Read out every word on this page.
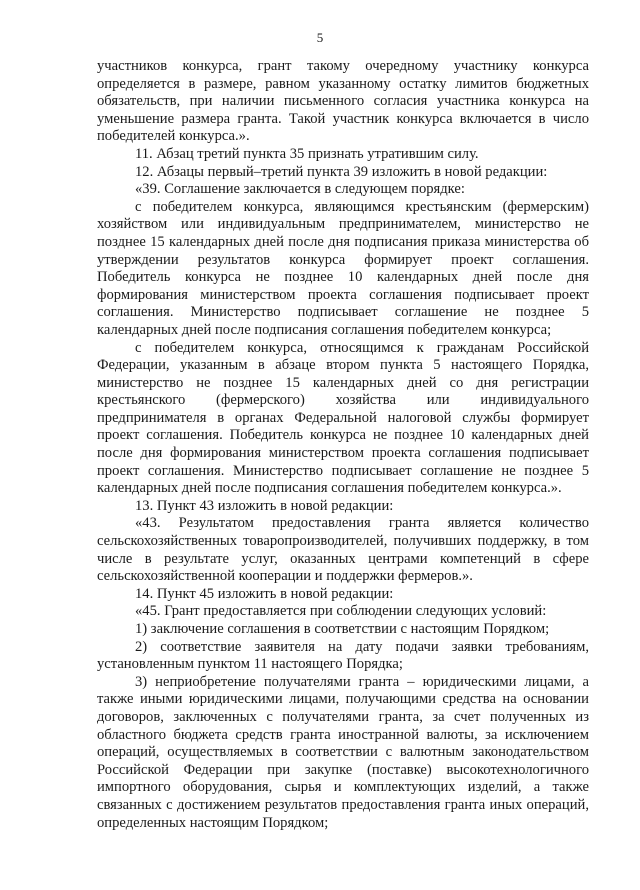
5

участников конкурса, грант такому очередному участнику конкурса определяется в размере, равном указанному остатку лимитов бюджетных обязательств, при наличии письменного согласия участника конкурса на уменьшение размера гранта. Такой участник конкурса включается в число победителей конкурса.».

11. Абзац третий пункта 35 признать утратившим силу.

12. Абзацы первый–третий пункта 39 изложить в новой редакции:

«39. Соглашение заключается в следующем порядке:

с победителем конкурса, являющимся крестьянским (фермерским) хозяйством или индивидуальным предпринимателем, министерство не позднее 15 календарных дней после дня подписания приказа министерства об утверждении результатов конкурса формирует проект соглашения. Победитель конкурса не позднее 10 календарных дней после дня формирования министерством проекта соглашения подписывает проект соглашения. Министерство подписывает соглашение не позднее 5 календарных дней после подписания соглашения победителем конкурса;

с победителем конкурса, относящимся к гражданам Российской Федерации, указанным в абзаце втором пункта 5 настоящего Порядка, министерство не позднее 15 календарных дней со дня регистрации крестьянского (фермерского) хозяйства или индивидуального предпринимателя в органах Федеральной налоговой службы формирует проект соглашения. Победитель конкурса не позднее 10 календарных дней после дня формирования министерством проекта соглашения подписывает проект соглашения. Министерство подписывает соглашение не позднее 5 календарных дней после подписания соглашения победителем конкурса.».

13. Пункт 43 изложить в новой редакции:

«43. Результатом предоставления гранта является количество сельскохозяйственных товаропроизводителей, получивших поддержку, в том числе в результате услуг, оказанных центрами компетенций в сфере сельскохозяйственной кооперации и поддержки фермеров.».

14. Пункт 45 изложить в новой редакции:

«45. Грант предоставляется при соблюдении следующих условий:

1) заключение соглашения в соответствии с настоящим Порядком;

2) соответствие заявителя на дату подачи заявки требованиям, установленным пунктом 11 настоящего Порядка;

3) неприобретение получателями гранта – юридическими лицами, а также иными юридическими лицами, получающими средства на основании договоров, заключенных с получателями гранта, за счет полученных из областного бюджета средств гранта иностранной валюты, за исключением операций, осуществляемых в соответствии с валютным законодательством Российской Федерации при закупке (поставке) высокотехнологичного импортного оборудования, сырья и комплектующих изделий, а также связанных с достижением результатов предоставления гранта иных операций, определенных настоящим Порядком;
